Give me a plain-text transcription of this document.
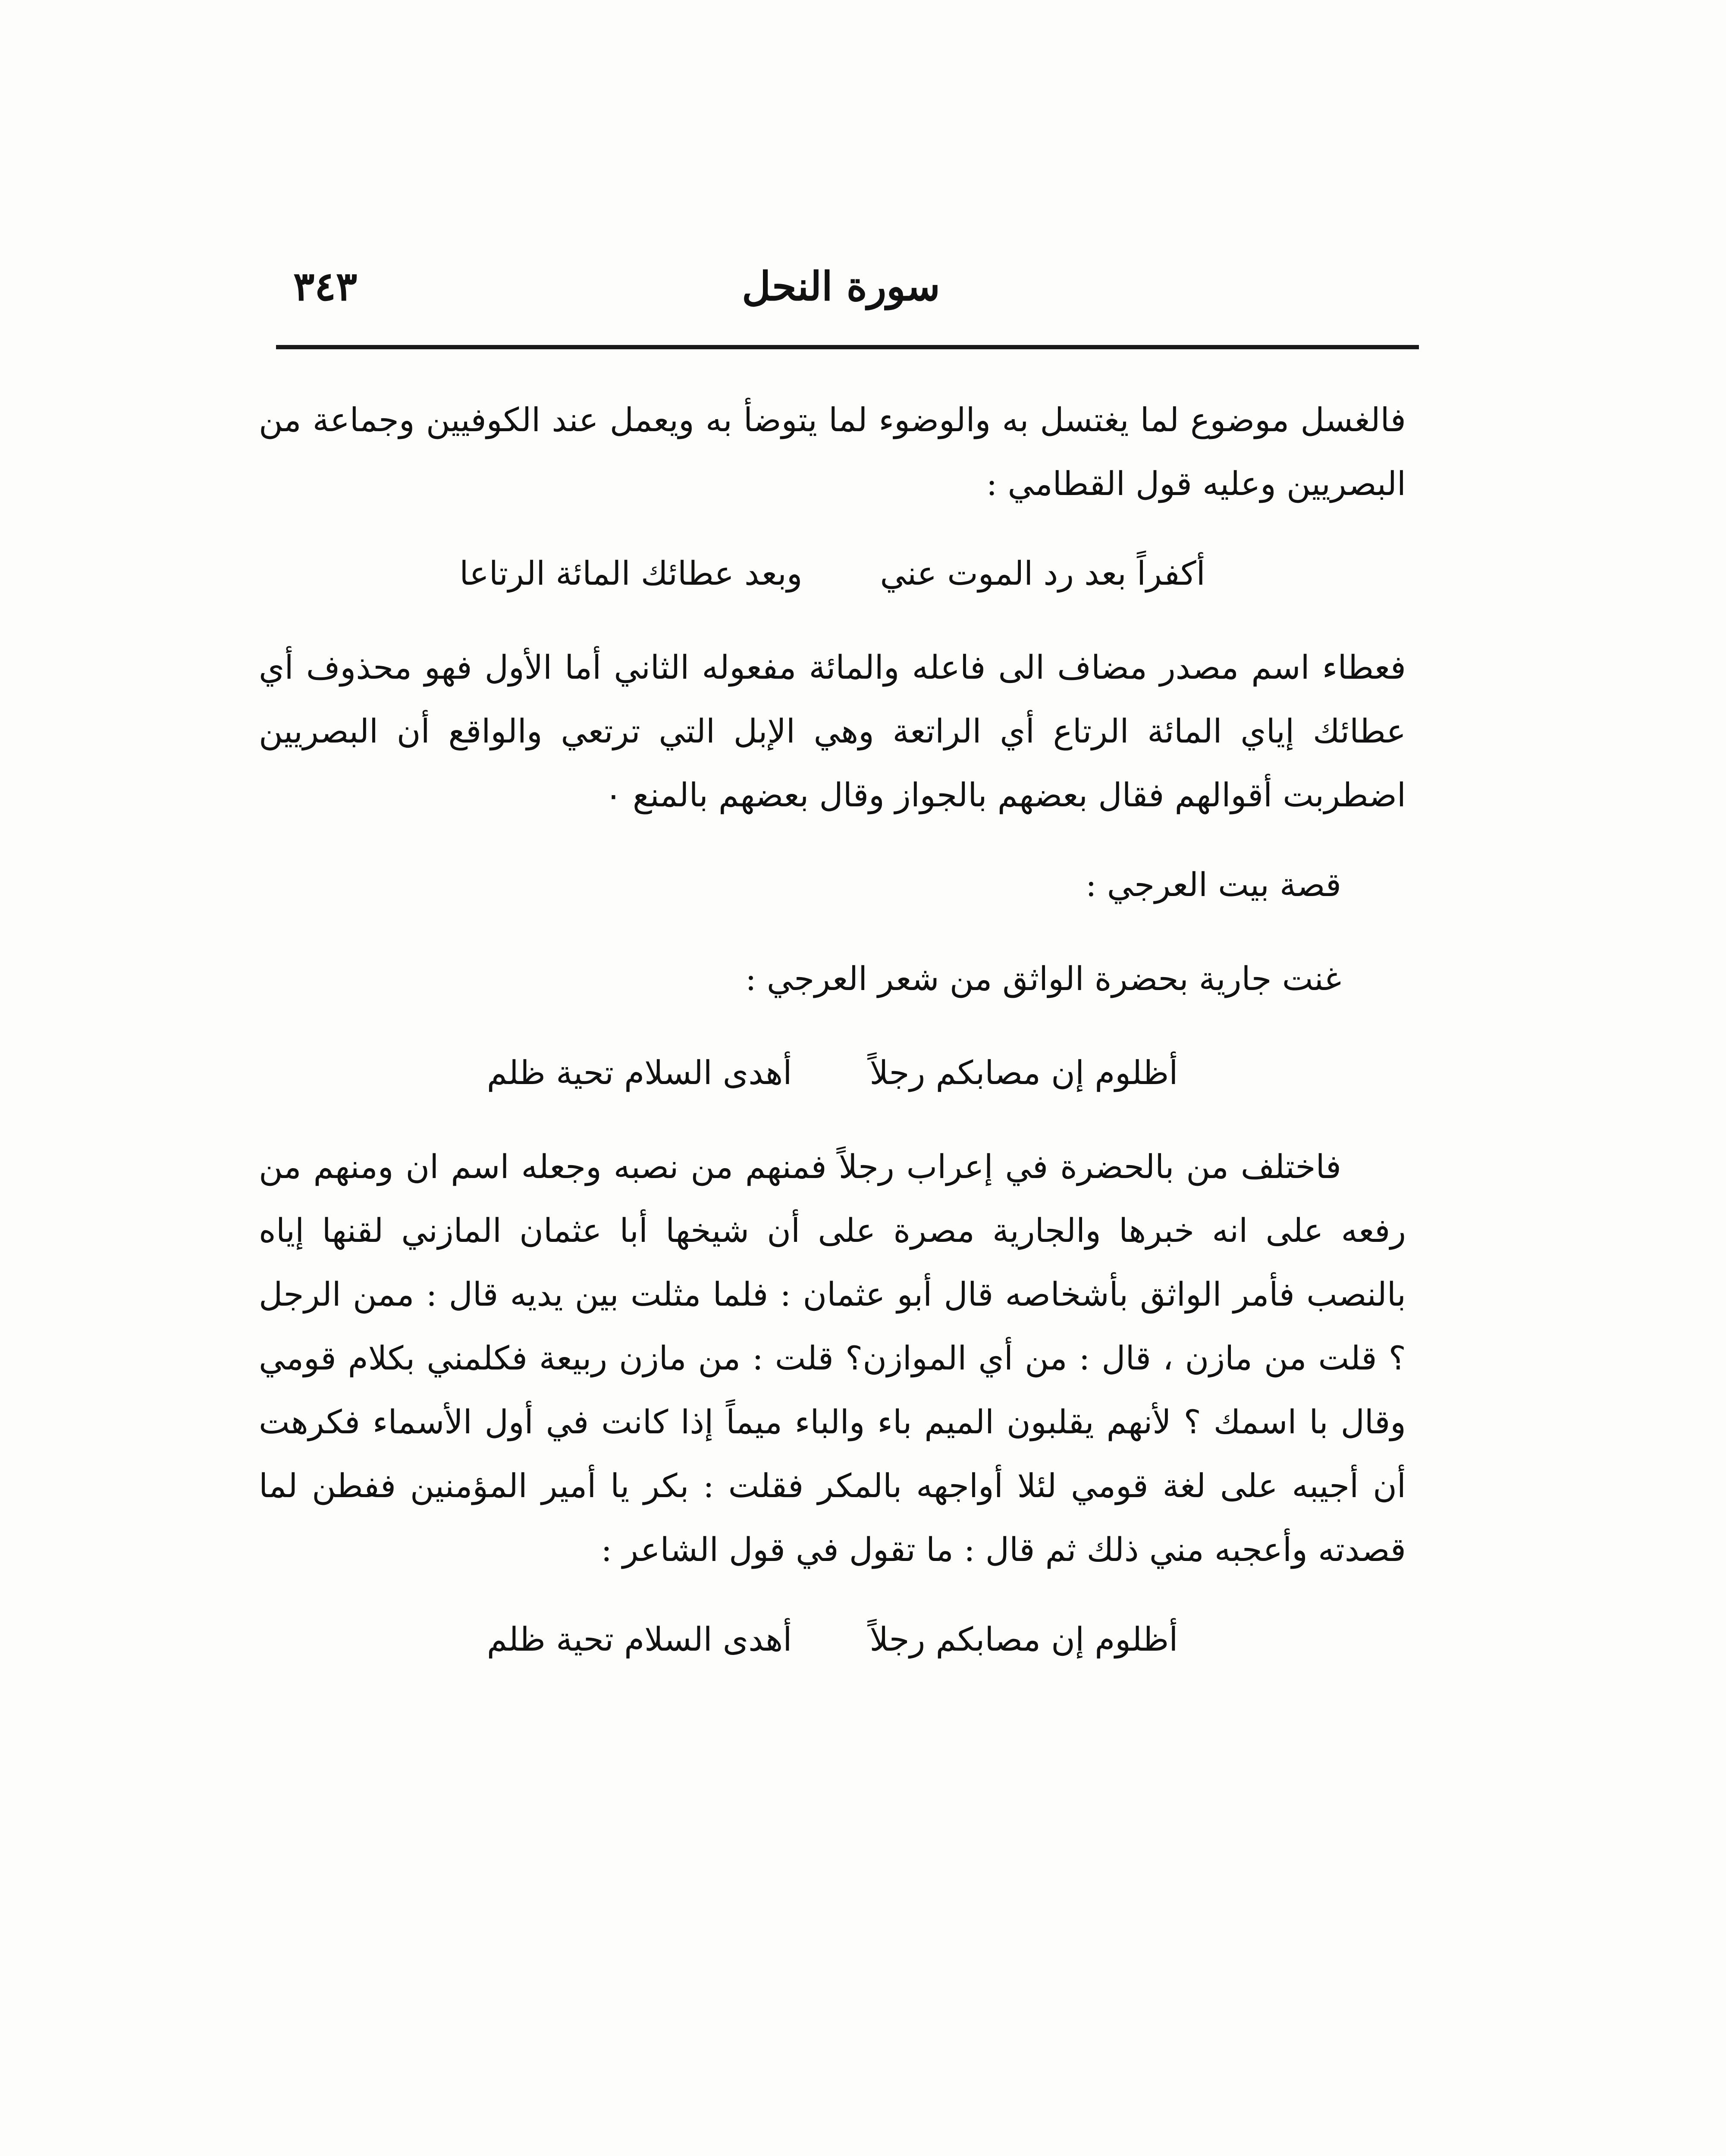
سورة النحل
٣٤٣

فالغسل موضوع لما يغتسل به والوضوء لما يتوضأ به ويعمل عند الكوفيين وجماعة من البصريين وعليه قول القطامي :

أكفراً بعد رد الموت عني
وبعد عطائك المائة الرتاعا

فعطاء اسم مصدر مضاف الى فاعله والمائة مفعوله الثاني أما الأول فهو محذوف أي عطائك إياي المائة الرتاع أي الراتعة وهي الإبل التي ترتعي والواقع أن البصريين اضطربت أقوالهم فقال بعضهم بالجواز وقال بعضهم بالمنع ٠

قصة بيت العرجي :

غنت جارية بحضرة الواثق من شعر العرجي :

أظلوم إن مصابكم رجلاً
أهدى السلام تحية ظلم

فاختلف من بالحضرة في إعراب رجلاً فمنهم من نصبه وجعله اسم ان ومنهم من رفعه على انه خبرها والجارية مصرة على أن شيخها أبا عثمان المازني لقنها إياه بالنصب فأمر الواثق بأشخاصه قال أبو عثمان : فلما مثلت بين يديه قال : ممن الرجل ؟ قلت من مازن ، قال : من أي الموازن؟ قلت : من مازن ربيعة فكلمني بكلام قومي وقال با اسمك ؟ لأنهم يقلبون الميم باء والباء ميماً إذا كانت في أول الأسماء فكرهت أن أجيبه على لغة قومي لئلا أواجهه بالمكر فقلت : بكر يا أمير المؤمنين ففطن لما قصدته وأعجبه مني ذلك ثم قال : ما تقول في قول الشاعر :

أظلوم إن مصابكم رجلاً
أهدى السلام تحية ظلم
